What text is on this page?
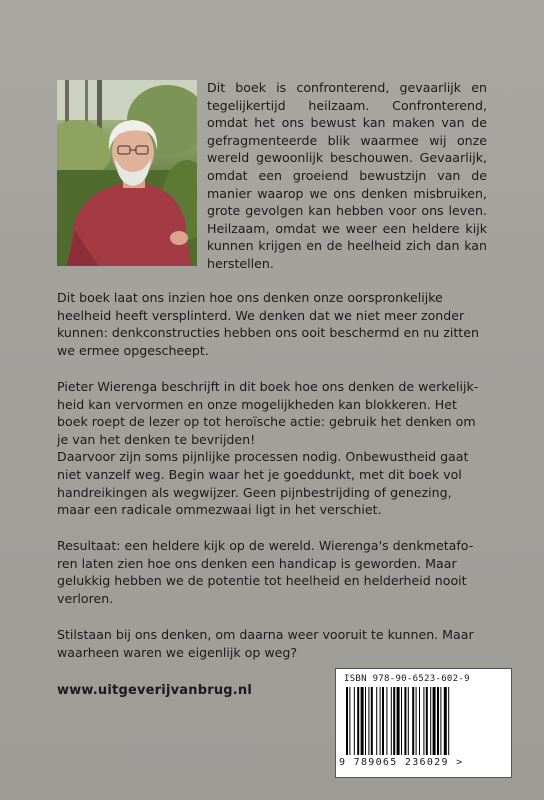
Dit boek is confronterend, gevaarlijk en tegelijkertijd heilzaam. Confronterend, omdat het ons bewust kan maken van de gefragmenteerde blik waarmee wij onze wereld gewoonlijk beschouwen. Gevaarlijk, omdat een groeiend bewustzijn van de manier waarop we ons denken misbruiken, grote gevolgen kan hebben voor ons leven. Heilzaam, omdat we weer een heldere kijk kunnen krijgen en de heelheid zich dan kan herstellen.
Dit boek laat ons inzien hoe ons denken onze oorspronkelijke
heelheid heeft versplinterd. We denken dat we niet meer zonder
kunnen: denkconstructies hebben ons ooit beschermd en nu zitten
we ermee opgescheept.
Pieter Wierenga beschrijft in dit boek hoe ons denken de werkelijk-
heid kan vervormen en onze mogelijkheden kan blokkeren. Het
boek roept de lezer op tot heroïsche actie: gebruik het denken om
je van het denken te bevrijden!
Daarvoor zijn soms pijnlijke processen nodig. Onbewustheid gaat
niet vanzelf weg. Begin waar het je goeddunkt, met dit boek vol
handreikingen als wegwijzer. Geen pijnbestrijding of genezing,
maar een radicale ommezwaai ligt in het verschiet.
Resultaat: een heldere kijk op de wereld. Wierenga's denkmetafo-
ren laten zien hoe ons denken een handicap is geworden. Maar
gelukkig hebben we de potentie tot heelheid en helderheid nooit
verloren.
Stilstaan bij ons denken, om daarna weer vooruit te kunnen. Maar
waarheen waren we eigenlijk op weg?
www.uitgeverijvanbrug.nl
ISBN 978-90-6523-602-9
9 789065 236029 >
